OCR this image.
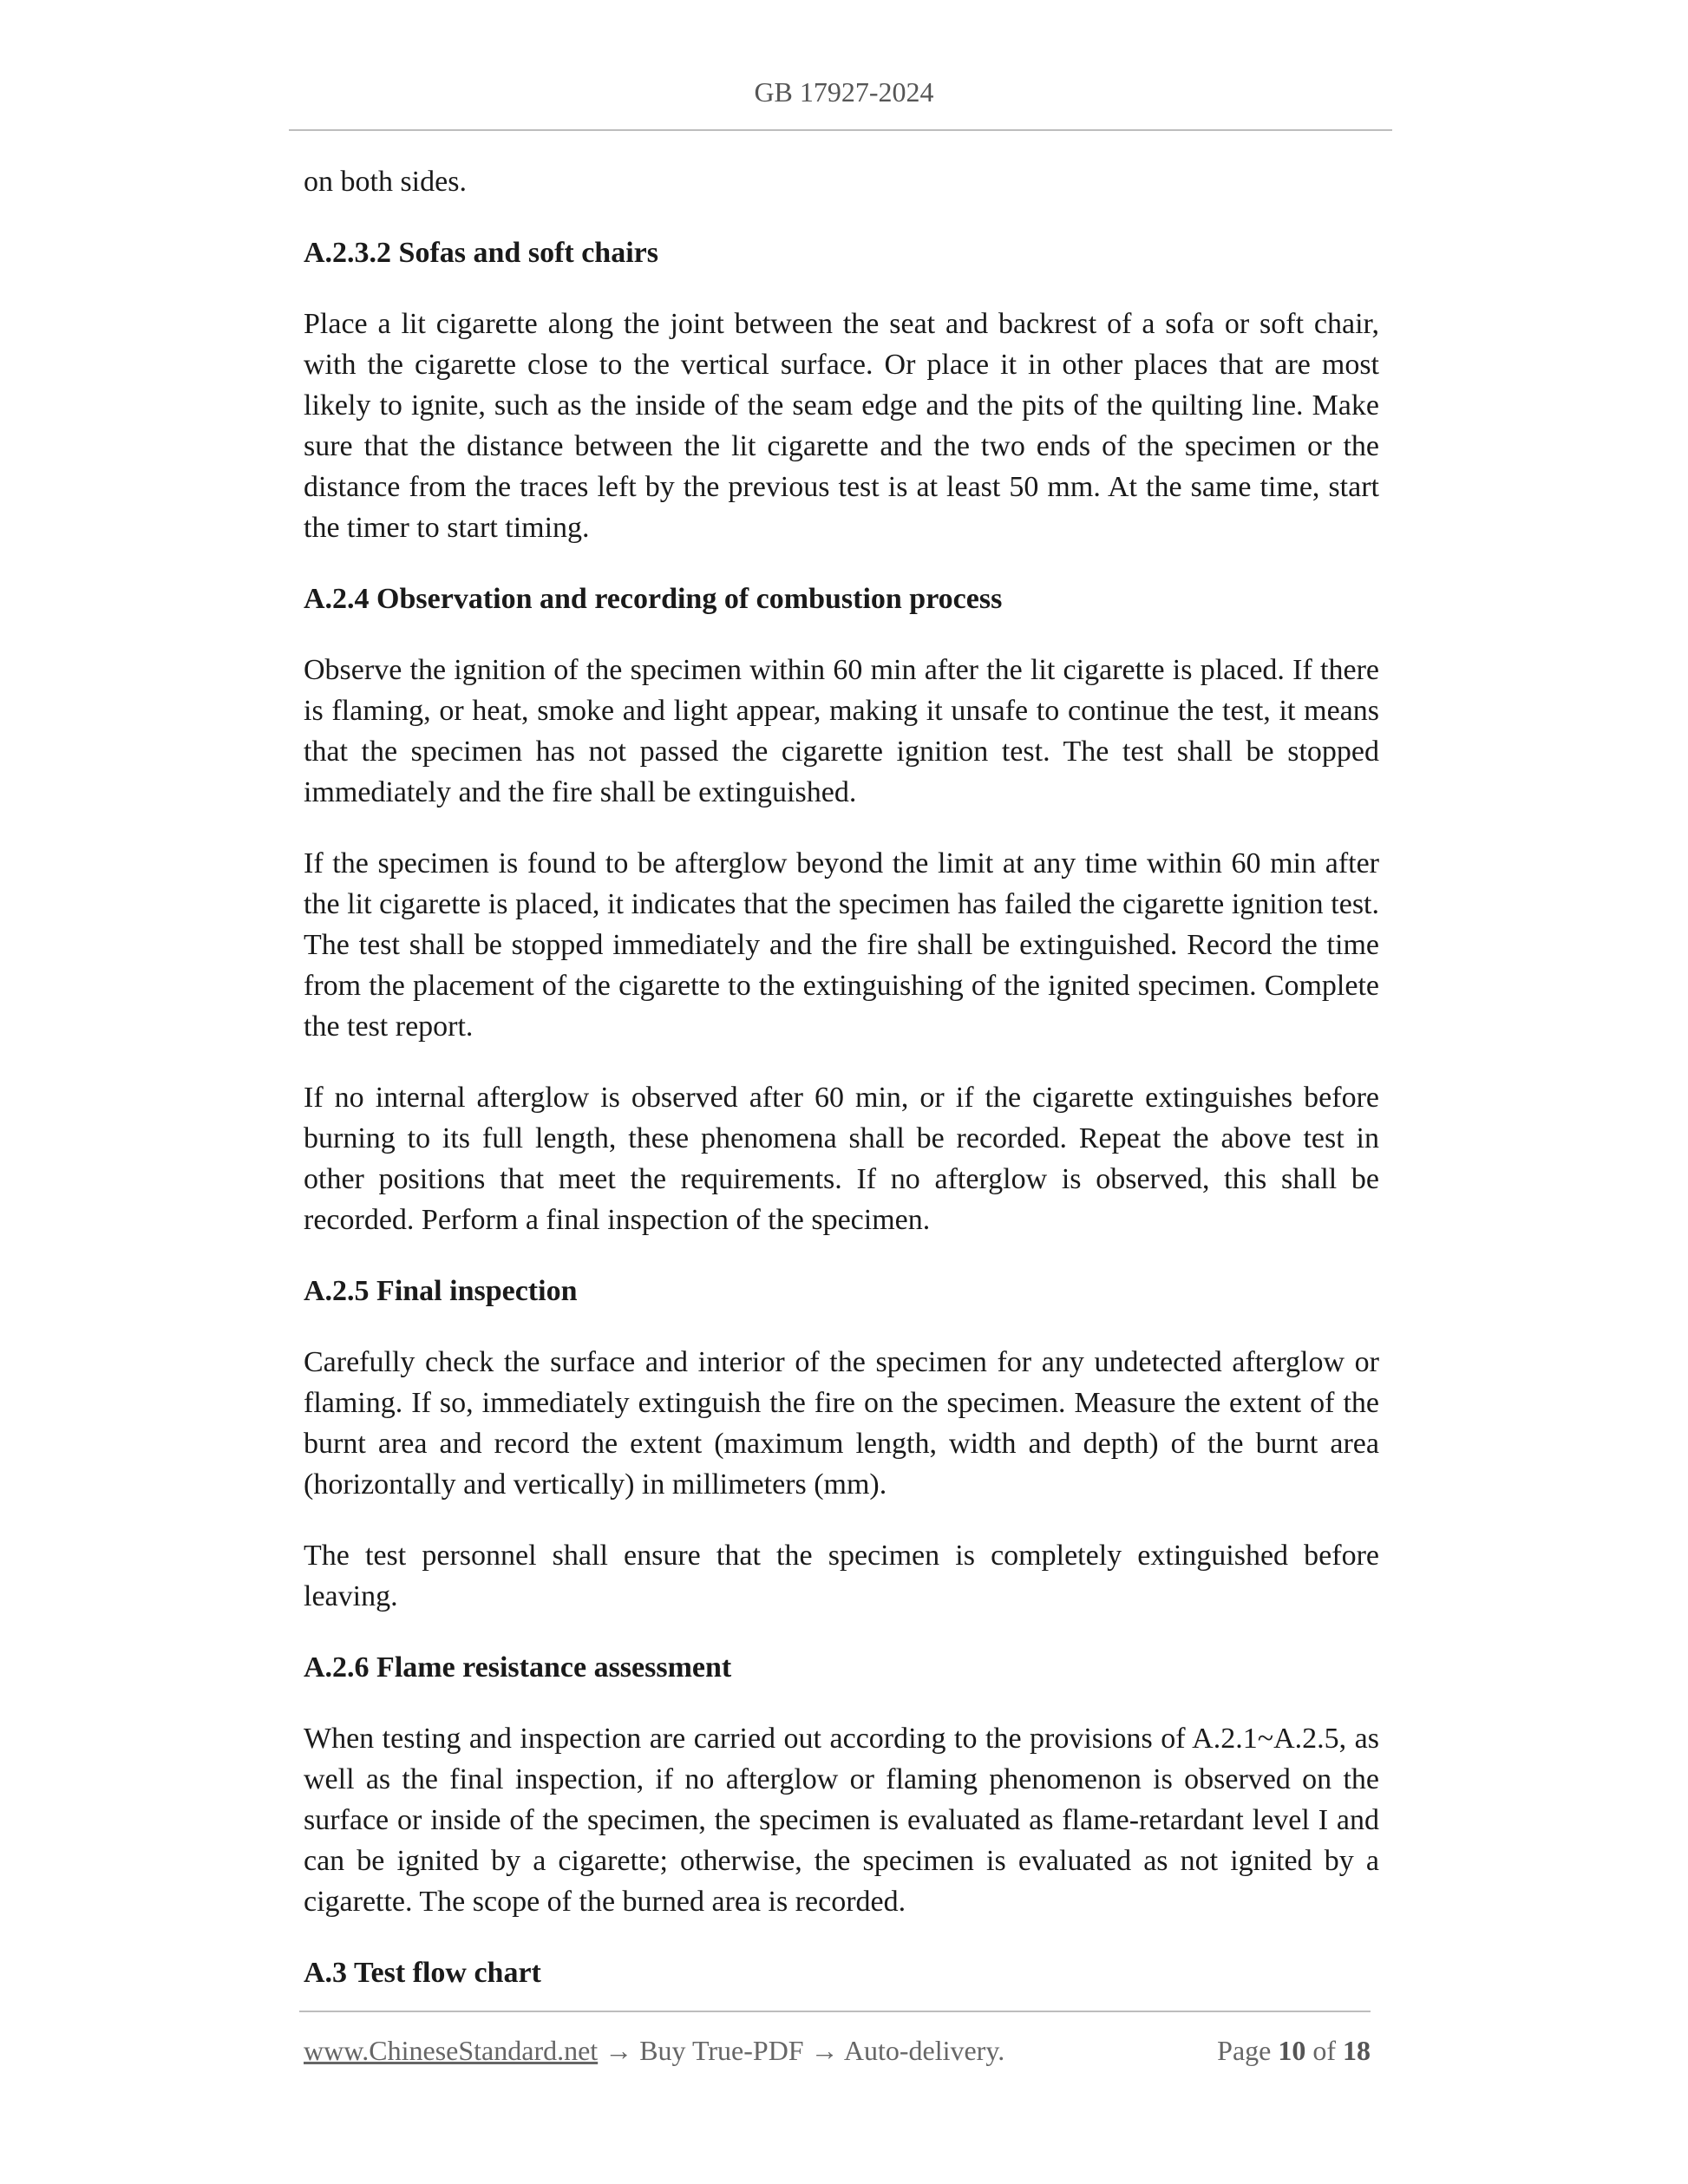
GB 17927-2024

on both sides.

A.2.3.2 Sofas and soft chairs

Place a lit cigarette along the joint between the seat and backrest of a sofa or soft chair, with the cigarette close to the vertical surface. Or place it in other places that are most likely to ignite, such as the inside of the seam edge and the pits of the quilting line. Make sure that the distance between the lit cigarette and the two ends of the specimen or the distance from the traces left by the previous test is at least 50 mm. At the same time, start the timer to start timing.

A.2.4 Observation and recording of combustion process

Observe the ignition of the specimen within 60 min after the lit cigarette is placed. If there is flaming, or heat, smoke and light appear, making it unsafe to continue the test, it means that the specimen has not passed the cigarette ignition test. The test shall be stopped immediately and the fire shall be extinguished.

If the specimen is found to be afterglow beyond the limit at any time within 60 min after the lit cigarette is placed, it indicates that the specimen has failed the cigarette ignition test. The test shall be stopped immediately and the fire shall be extinguished. Record the time from the placement of the cigarette to the extinguishing of the ignited specimen. Complete the test report.

If no internal afterglow is observed after 60 min, or if the cigarette extinguishes before burning to its full length, these phenomena shall be recorded. Repeat the above test in other positions that meet the requirements. If no afterglow is observed, this shall be recorded. Perform a final inspection of the specimen.

A.2.5 Final inspection

Carefully check the surface and interior of the specimen for any undetected afterglow or flaming. If so, immediately extinguish the fire on the specimen. Measure the extent of the burnt area and record the extent (maximum length, width and depth) of the burnt area (horizontally and vertically) in millimeters (mm).

The test personnel shall ensure that the specimen is completely extinguished before leaving.

A.2.6 Flame resistance assessment

When testing and inspection are carried out according to the provisions of A.2.1~A.2.5, as well as the final inspection, if no afterglow or flaming phenomenon is observed on the surface or inside of the specimen, the specimen is evaluated as flame-retardant level I and can be ignited by a cigarette; otherwise, the specimen is evaluated as not ignited by a cigarette. The scope of the burned area is recorded.

A.3 Test flow chart
www.ChineseStandard.net → Buy True-PDF → Auto-delivery.	Page 10 of 18
